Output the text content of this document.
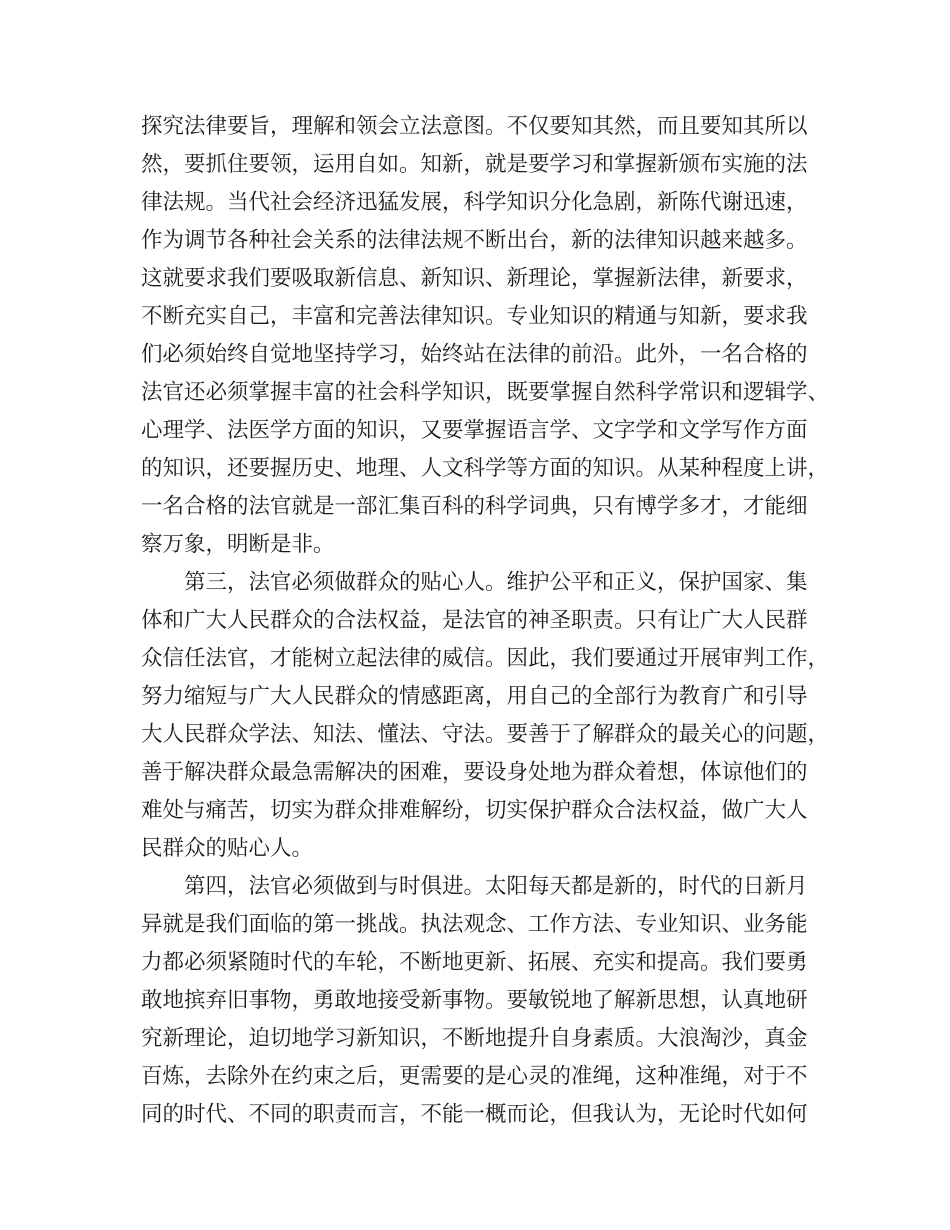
探究法律要旨，理解和领会立法意图。不仅要知其然，而且要知其所以
然，要抓住要领，运用自如。知新，就是要学习和掌握新颁布实施的法
律法规。当代社会经济迅猛发展，科学知识分化急剧，新陈代谢迅速，
作为调节各种社会关系的法律法规不断出台，新的法律知识越来越多。
这就要求我们要吸取新信息、新知识、新理论，掌握新法律，新要求，
不断充实自己，丰富和完善法律知识。专业知识的精通与知新，要求我
们必须始终自觉地坚持学习，始终站在法律的前沿。此外，一名合格的
法官还必须掌握丰富的社会科学知识，既要掌握自然科学常识和逻辑学、
心理学、法医学方面的知识，又要掌握语言学、文字学和文学写作方面
的知识，还要握历史、地理、人文科学等方面的知识。从某种程度上讲，
一名合格的法官就是一部汇集百科的科学词典，只有博学多才，才能细
察万象，明断是非。
第三，法官必须做群众的贴心人。维护公平和正义，保护国家、集
体和广大人民群众的合法权益，是法官的神圣职责。只有让广大人民群
众信任法官，才能树立起法律的威信。因此，我们要通过开展审判工作，
努力缩短与广大人民群众的情感距离，用自己的全部行为教育广和引导
大人民群众学法、知法、懂法、守法。要善于了解群众的最关心的问题，
善于解决群众最急需解决的困难，要设身处地为群众着想，体谅他们的
难处与痛苦，切实为群众排难解纷，切实保护群众合法权益，做广大人
民群众的贴心人。
第四，法官必须做到与时俱进。太阳每天都是新的，时代的日新月
异就是我们面临的第一挑战。执法观念、工作方法、专业知识、业务能
力都必须紧随时代的车轮，不断地更新、拓展、充实和提高。我们要勇
敢地摈弃旧事物，勇敢地接受新事物。要敏锐地了解新思想，认真地研
究新理论，迫切地学习新知识，不断地提升自身素质。大浪淘沙，真金
百炼，去除外在约束之后，更需要的是心灵的准绳，这种准绳，对于不
同的时代、不同的职责而言，不能一概而论，但我认为，无论时代如何
